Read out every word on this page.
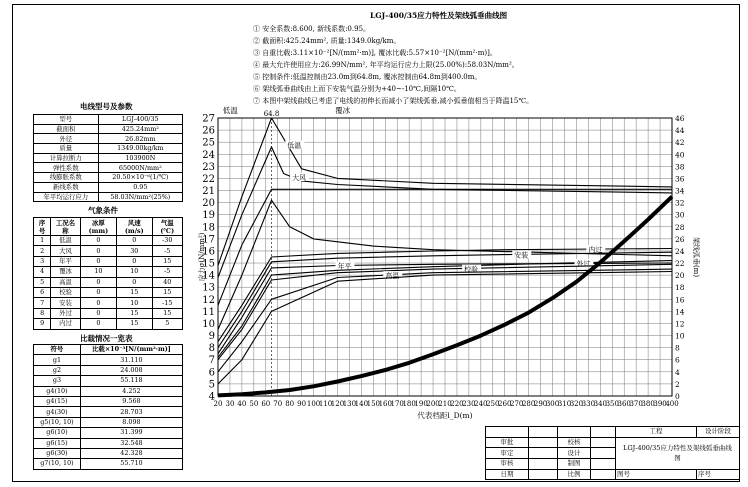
LGJ-400/35应力特性及架线弧垂曲线图
① 安全系数:8.600, 新线系数:0.95。
② 截面积:425.24mm², 质量:1349.0kg/km。
③ 自重比载:3.11×10⁻²[N/(mm²·m)], 覆冰比载:5.57×10⁻²[N/(mm²·m)]。
④ 最大允许使用应力:26.99N/mm², 年平均运行应力上限(25.00%):58.03N/mm²。
⑤ 控制条件:低温控制由23.0m到64.8m, 覆冰控制由64.8m到400.0m。
⑥ 架线弧垂曲线由上而下安装气温分别为+40~-10℃,间隔10℃。
⑦ 本图中架线曲线已考虑了电线的初伸长而减小了架线弧垂,减小弧垂值相当于降温15℃。
电线型号及参数
型号	LGJ-400/35
截面积	425.24mm²
外径	26.82mm
质量	1349.00kg/km
计算拉断力	103900N
弹性系数	65000N/mm²
线膨胀系数	20.50×10⁻⁶(1/℃)
新线系数	0.95
年平均运行应力	58.03N/mm²(25%)
气象条件
序号	工况名称	冰厚(mm)	风速(m/s)	气温(℃)
1	低温	0	0	-30
2	大风	0	30	-5
3	年平	0	0	15
4	覆冰	10	10	-5
5	高温	0	0	40
6	校验	0	15	15
7	安装	0	10	-15
8	外过	0	15	15
9	内过	0	15	5
比载情况一览表
符号	比载×10⁻³[N/(mm²·m)]
g1	31.110
g2	24.008
g3	55.118
g4(10)	4.252
g4(15)	9.568
g4(30)	28.703
g5(10, 10)	8.098
g6(10)	31.399
g6(15)	32.548
g6(30)	42.328
g7(10, 10)	55.710
4
5
6
7
8
9
10
11
12
13
14
15
16
17
18
19
20
21
22
23
24
25
26
27
0
2
4
6
8
10
12
14
16
18
20
22
24
26
28
30
32
34
36
38
40
42
44
46
20 30 40 50 60 70 80 90 100
110
120
130
140
150
160
170
180
190
200
210
220
230
240
250
260
270
280
290
300
310
320
330
340
350
360
370
380
390
400
代表档距l_D(m)
应力σ(N/mm²)	架线弧垂(m)
低温	64.8	覆冰
低温
大风
内过
安装
年平	外过
校验
高温
				工程	设计阶段
审批		校核		LGJ-400/35应力特性及架线弧垂曲线图	
审定		设计			
审核		制图			
日期		比例		图号	序号
